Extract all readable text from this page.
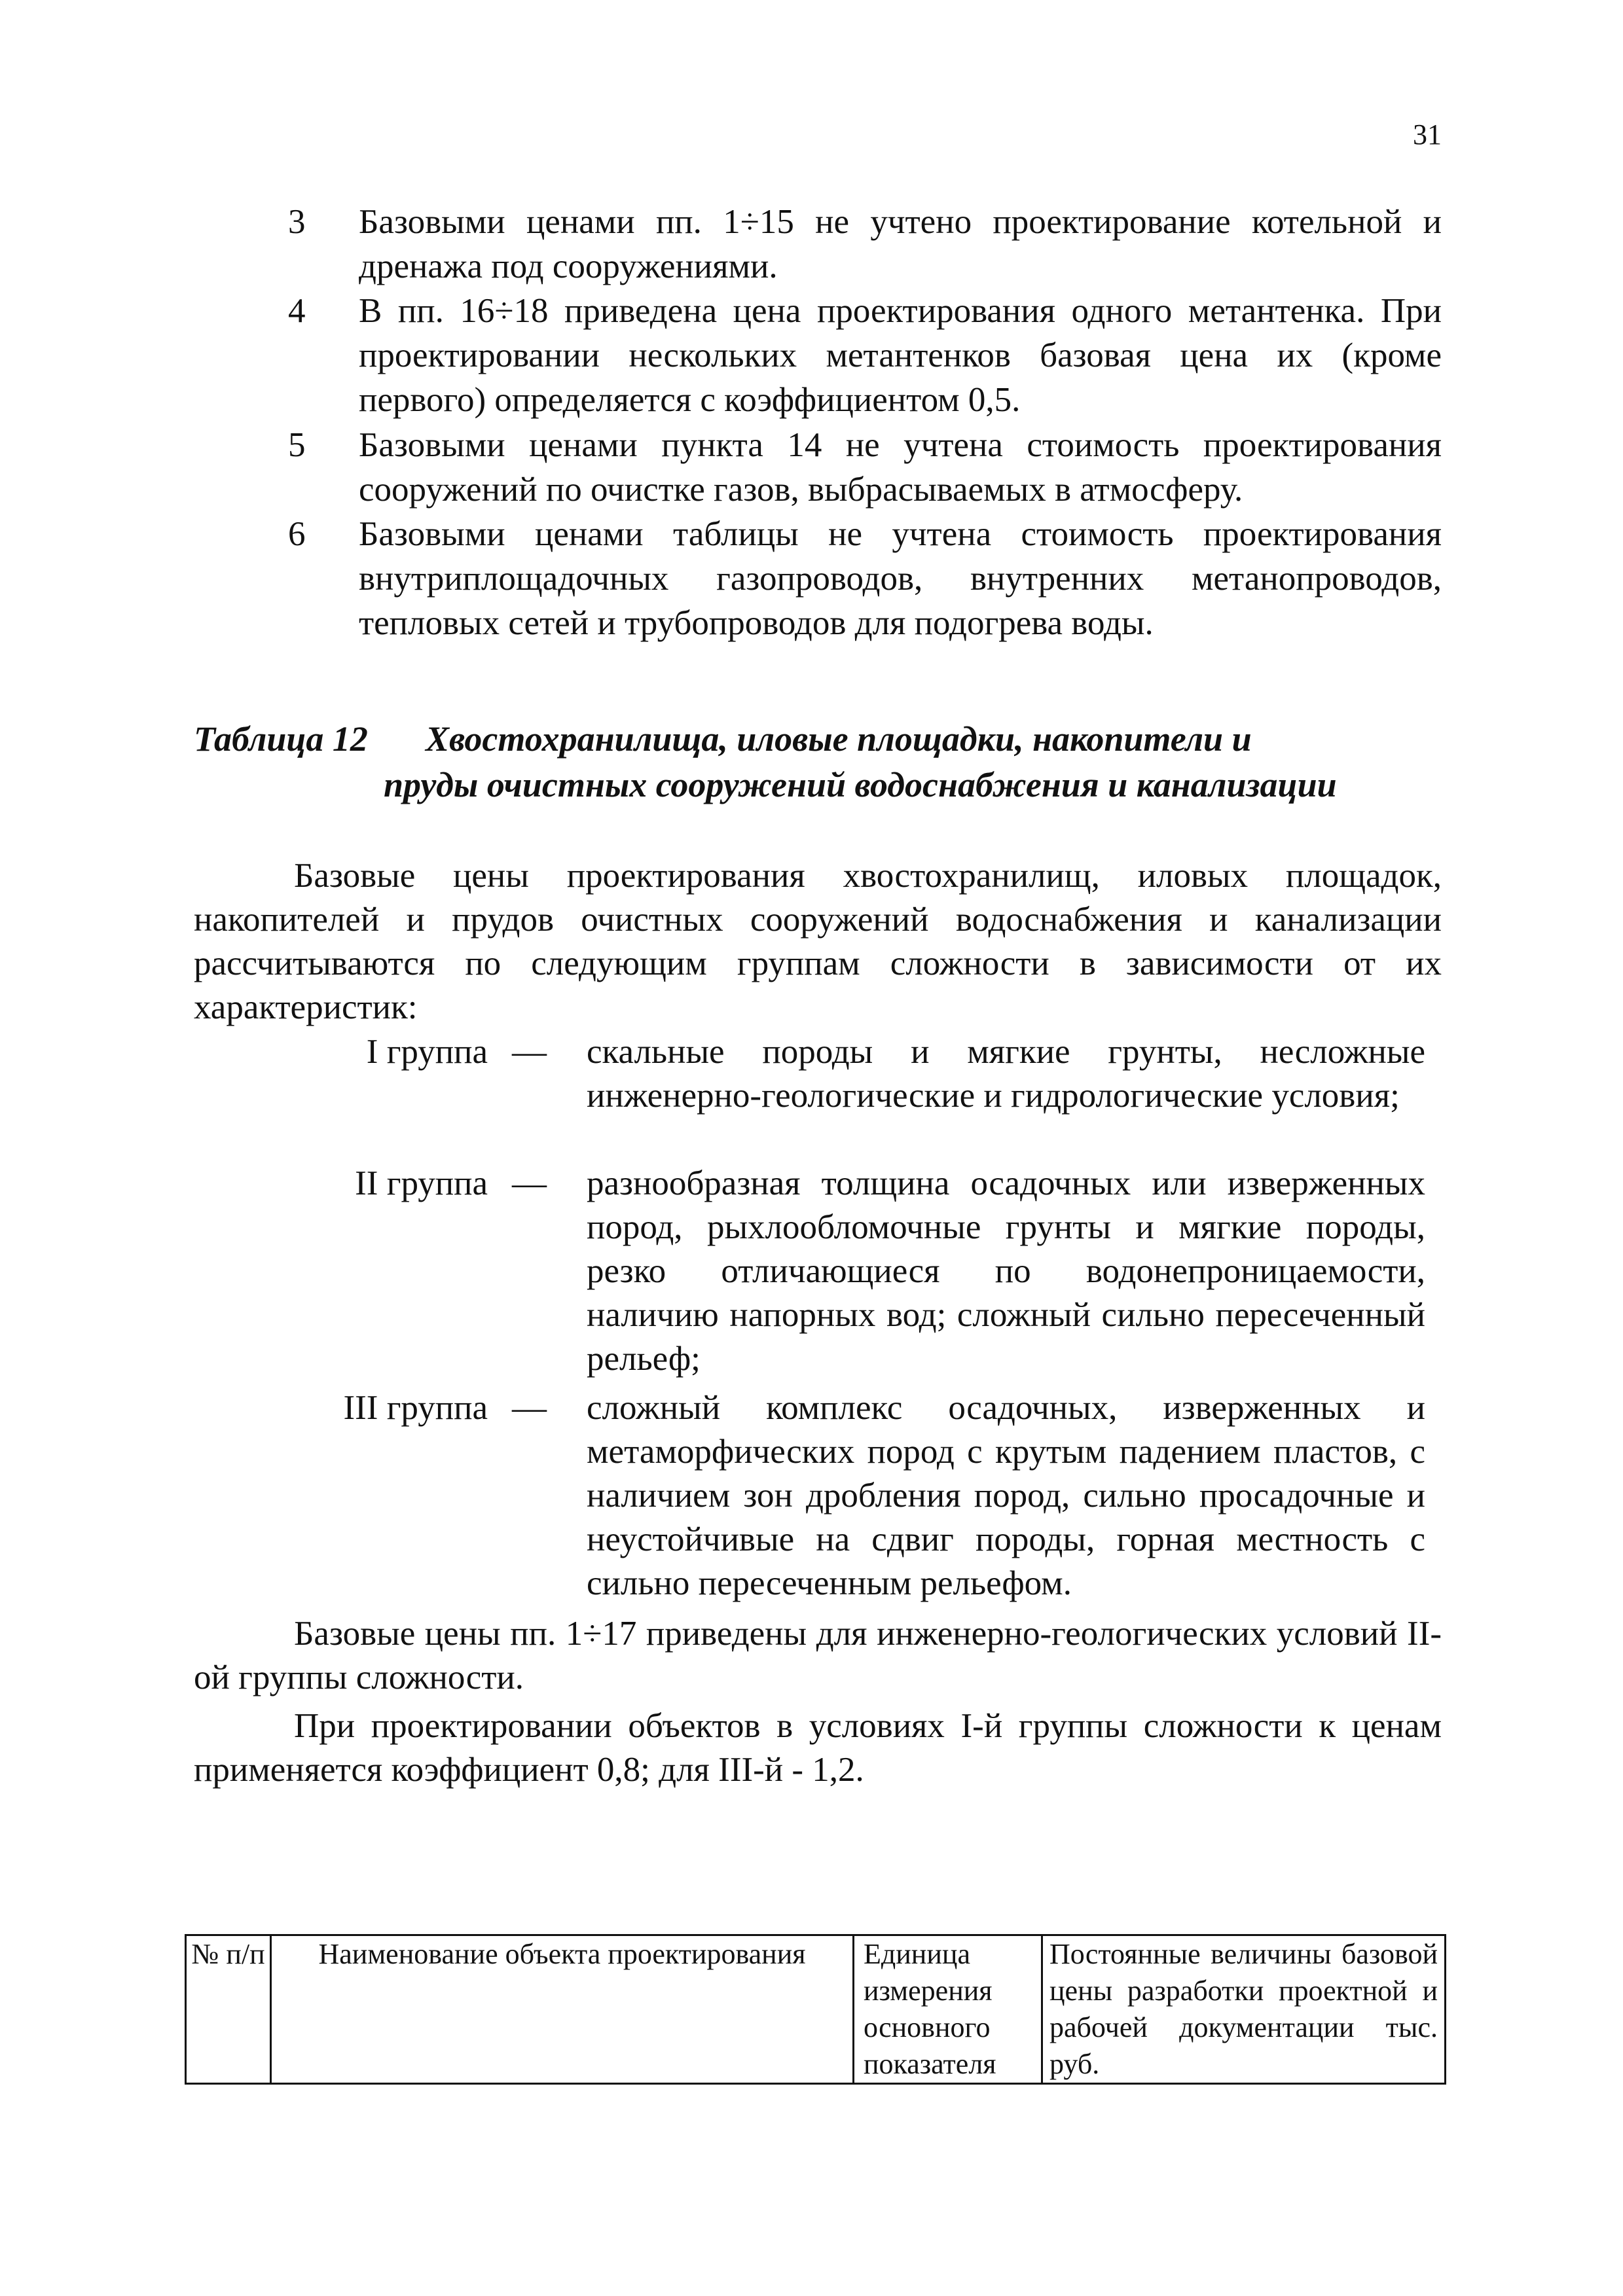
31
3 Базовыми ценами пп. 1÷15 не учтено проектирование котельной и дренажа под сооружениями.
4 В пп. 16÷18 приведена цена проектирования одного метантенка. При проектировании нескольких метантенков базовая цена их (кроме первого) определяется с коэффициентом 0,5.
5 Базовыми ценами пункта 14 не учтена стоимость проектирования сооружений по очистке газов, выбрасываемых в атмосферу.
6 Базовыми ценами таблицы не учтена стоимость проектирования внутриплощадочных газопроводов, внутренних метанопроводов, тепловых сетей и трубопроводов для подогрева воды.
Таблица 12 Хвостохранилища, иловые площадки, накопители и
пруды очистных сооружений водоснабжения и канализации
Базовые цены проектирования хвостохранилищ, иловых площадок, накопителей и прудов очистных сооружений водоснабжения и канализации рассчитываются по следующим группам сложности в зависимости от их характеристик:
I группа — скальные породы и мягкие грунты, несложные инженерно-геологические и гидрологические условия;
II группа — разнообразная толщина осадочных или изверженных пород, рыхлообломочные грунты и мягкие породы, резко отличающиеся по водонепроницаемости, наличию напорных вод; сложный сильно пересеченный рельеф;
III группа — сложный комплекс осадочных, изверженных и метаморфических пород с крутым падением пластов, с наличием зон дробления пород, сильно просадочные и неустойчивые на сдвиг породы, горная местность с сильно пересеченным рельефом.
Базовые цены пп. 1÷17 приведены для инженерно-геологических условий II-ой группы сложности.
При проектировании объектов в условиях I-й группы сложности к ценам применяется коэффициент 0,8; для III-й - 1,2.
№ п/п	Наименование объекта проектирования	Единица измерения основного показателя	Постоянные величины базовой цены разработки проектной и рабочей документации тыс. руб.
